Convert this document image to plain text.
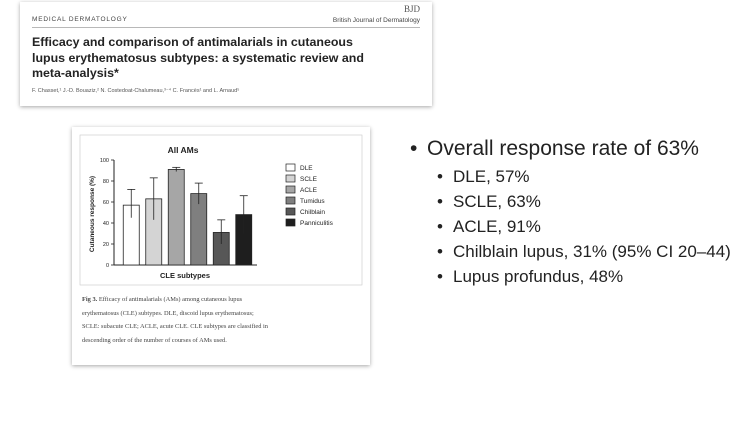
MEDICAL DERMATOLOGY
BJD
British Journal of Dermatology
Efficacy and comparison of antimalarials in cutaneous
lupus erythematosus subtypes: a systematic review and
meta-analysis*
F. Chasset,¹ J.-D. Bouaziz,² N. Costedoat-Chalumeau,³⁻⁴ C. Francès¹ and L. Arnaud⁵
0
20
40
60
80
100
DLE
SCLE
ACLE
Tumidus
Chilblain
Panniculitis
All AMs
CLE subtypes
Cutaneous response (%)
Fig 3. Efficacy of antimalarials (AMs) among cutaneous lupus
erythematosus (CLE) subtypes. DLE, discoid lupus erythematosus;
SCLE: subacute CLE; ACLE, acute CLE. CLE subtypes are classified in
descending order of the number of courses of AMs used.
• Overall response rate of 63%
• DLE, 57%
• SCLE, 63%
• ACLE, 91%
• Chilblain lupus, 31% (95% CI 20–44)
• Lupus profundus, 48%
